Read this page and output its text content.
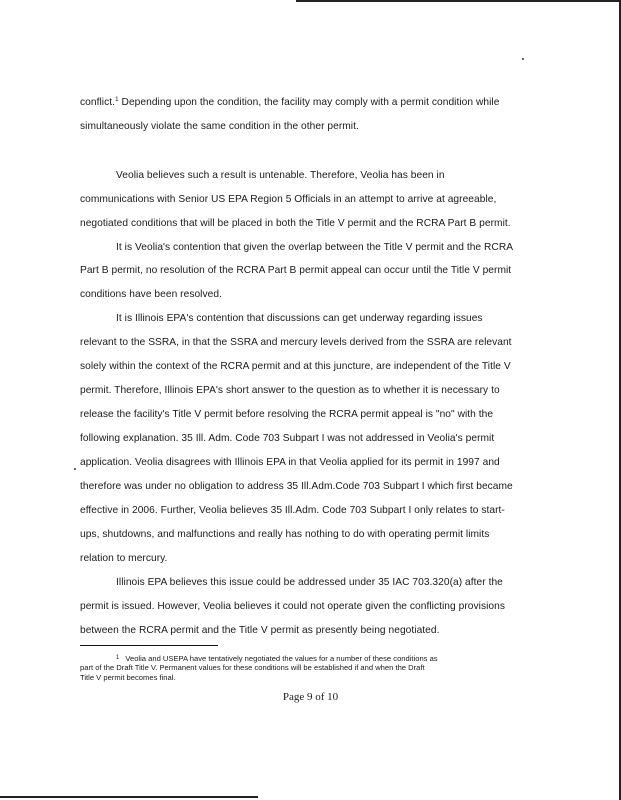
conflict.$^1$ Depending upon the condition, the facility may comply with a permit condition while
simultaneously violate the same condition in the other permit.
Veolia believes such a result is untenable. Therefore, Veolia has been in
communications with Senior US EPA Region 5 Officials in an attempt to arrive at agreeable,
negotiated conditions that will be placed in both the Title V permit and the RCRA Part B permit.
It is Veolia's contention that given the overlap between the Title V permit and the RCRA
Part B permit, no resolution of the RCRA Part B permit appeal can occur until the Title V permit
conditions have been resolved.
It is Illinois EPA's contention that discussions can get underway regarding issues
relevant to the SSRA, in that the SSRA and mercury levels derived from the SSRA are relevant
solely within the context of the RCRA permit and at this juncture, are independent of the Title V
permit. Therefore, Illinois EPA's short answer to the question as to whether it is necessary to
release the facility's Title V permit before resolving the RCRA permit appeal is "no" with the
following explanation. 35 Ill. Adm. Code 703 Subpart I was not addressed in Veolia's permit
application. Veolia disagrees with Illinois EPA in that Veolia applied for its permit in 1997 and
therefore was under no obligation to address 35 Ill.Adm.Code 703 Subpart I which first became
effective in 2006. Further, Veolia believes 35 Ill.Adm. Code 703 Subpart I only relates to start-
ups, shutdowns, and malfunctions and really has nothing to do with operating permit limits
relation to mercury.
Illinois EPA believes this issue could be addressed under 35 IAC 703.320(a) after the
permit is issued. However, Veolia believes it could not operate given the conflicting provisions
between the RCRA permit and the Title V permit as presently being negotiated.
$^1$ Veolia and USEPA have tentatively negotiated the values for a number of these conditions as
part of the Draft Title V. Permanent values for these conditions will be established if and when the Draft
Title V permit becomes final.
Page 9 of 10
